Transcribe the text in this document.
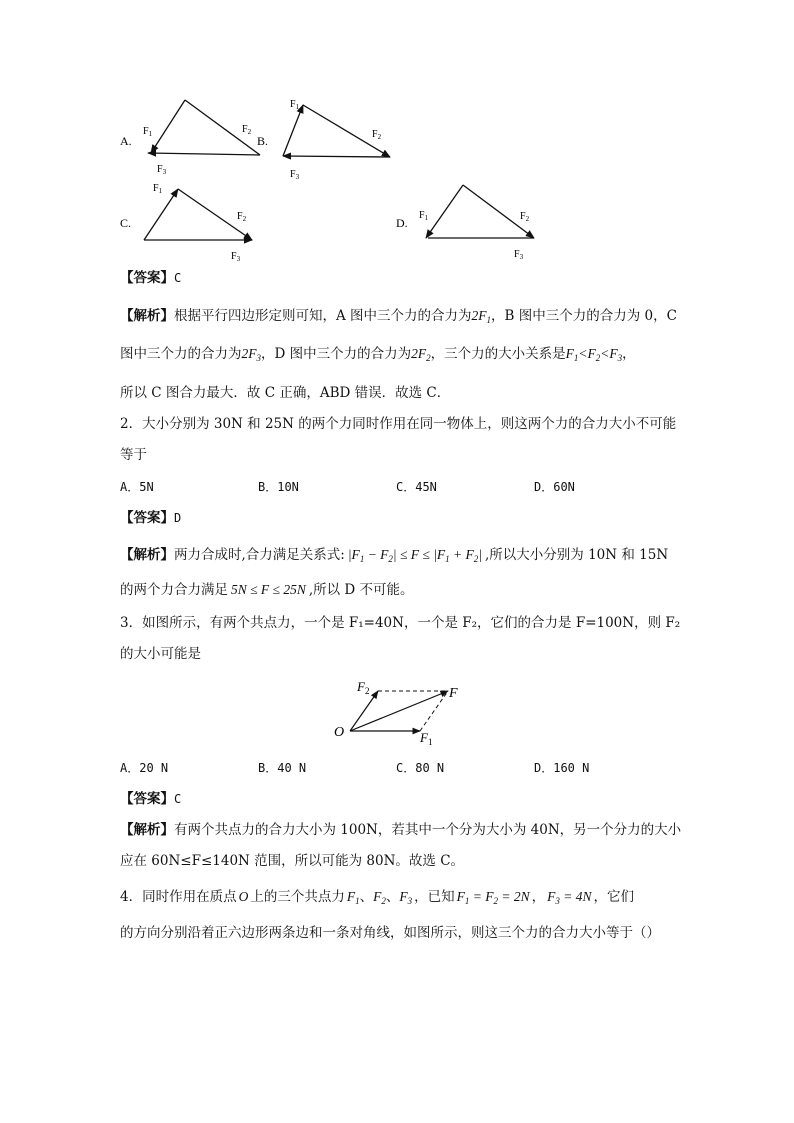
A.
$F_1$	$F_2$
$F_3$
B.
$F_1$
$F_2$
$F_3$
C.
$F_1$
$F_2$
$F_3$
D.
$F_1$	$F_2$
$F_3$
【答案】C
【解析】根据平行四边形定则可知，A 图中三个力的合力为$2F_1$，B 图中三个力的合力为 0，C
图中三个力的合力为$2F_3$，D 图中三个力的合力为$2F_2$，三个力的大小关系是$F_1<F_2<F_3$，
所以 C 图合力最大．故 C 正确，ABD 错误．故选 C．
2．大小分别为 30N 和 25N 的两个力同时作用在同一物体上，则这两个力的合力大小不可能
等于
A．5N	B．10N	C．45N	D．60N
【答案】D
【解析】两力合成时,合力满足关系式: $|F_1 - F_2| \le F \le |F_1 + F_2|$ ,所以大小分别为 10N 和 15N
的两个力合力满足 5N ≤ F ≤ 25N ,所以 D 不可能。
3．如图所示，有两个共点力，一个是 F₁=40N，一个是 F₂，它们的合力是 F=100N，则 F₂
的大小可能是
O
F
$F_1$
$F_2$
A．20 N	B．40 N	C．80 N	D．160 N
【答案】C
【解析】有两个共点力的合力大小为 100N，若其中一个分为大小为 40N，另一个分力的大小
应在 60N≤F≤140N 范围，所以可能为 80N。故选 C。
4．同时作用在质点 O 上的三个共点力 $F_1$、$F_2$、$F_3$ ，已知 $F_1 = F_2 = 2N$ ， $F_3 = 4N$ ，它们
的方向分别沿着正六边形两条边和一条对角线，如图所示，则这三个力的合力大小等于（）
